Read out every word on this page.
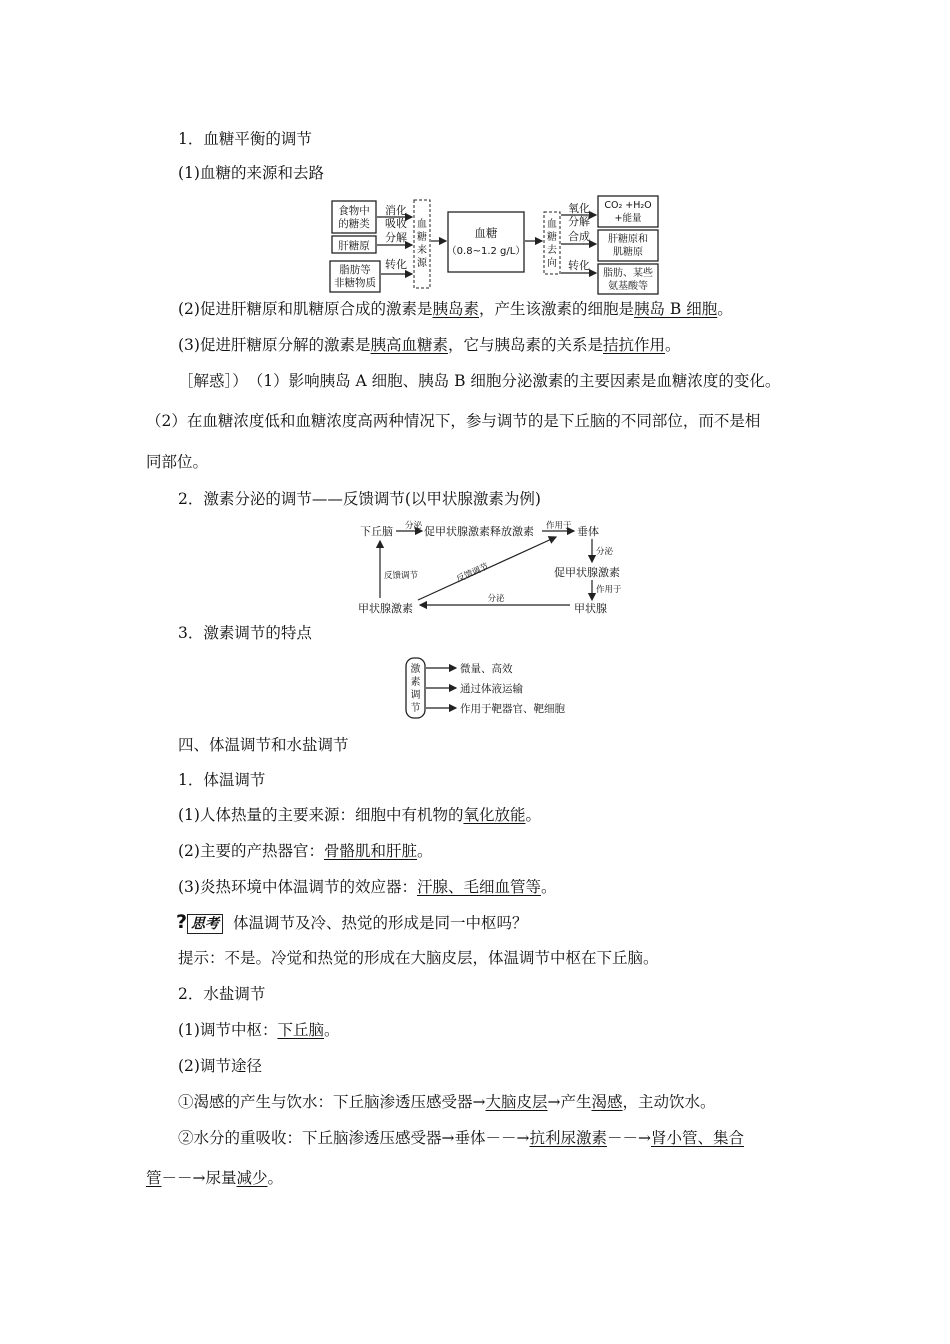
1．血糖平衡的调节
(1)血糖的来源和去路
食物中
的糖类
肝糖原
脂肪等
非糖物质
消化
吸收
分解
转化
血
糖
来
源
血糖
（0.8~1.2 g/L）
血
糖
去
向
氧化
分解
合成
转化
CO₂ +H₂O
+能量
肝糖原和
肌糖原
脂肪、某些
氨基酸等
(2)促进肝糖原和肌糖原合成的激素是胰岛素，产生该激素的细胞是胰岛 B 细胞。
(3)促进肝糖原分解的激素是胰高血糖素，它与胰岛素的关系是拮抗作用。
［解惑］）　（1）影响胰岛 A 细胞、胰岛 B 细胞分泌激素的主要因素是血糖浓度的变化。
（2）在血糖浓度低和血糖浓度高两种情况下，参与调节的是下丘脑的不同部位，而不是相
同部位。
2．激素分泌的调节——反馈调节(以甲状腺激素为例)
下丘脑 分泌 促甲状腺激素释放激素 作用于 垂体
分泌
促甲状腺激素
作用于
甲状腺
分泌
甲状腺激素
反馈调节	反馈调节
3．激素调节的特点
激
素
调
节
微量、高效
通过体液运输
作用于靶器官、靶细胞
四、体温调节和水盐调节
1．体温调节
(1)人体热量的主要来源：细胞中有机物的氧化放能。
(2)主要的产热器官：骨骼肌和肝脏。
(3)炎热环境中体温调节的效应器：汗腺、毛细血管等。
? 思考 体温调节及冷、热觉的形成是同一中枢吗？
提示：不是。冷觉和热觉的形成在大脑皮层，体温调节中枢在下丘脑。
2．水盐调节
(1)调节中枢：下丘脑。
(2)调节途径
①渴感的产生与饮水：下丘脑渗透压感受器→大脑皮层→产生渴感，主动饮水。
②水分的重吸收：下丘脑渗透压感受器→垂体－－→抗利尿激素－－→肾小管、集合
管－－→尿量减少。
